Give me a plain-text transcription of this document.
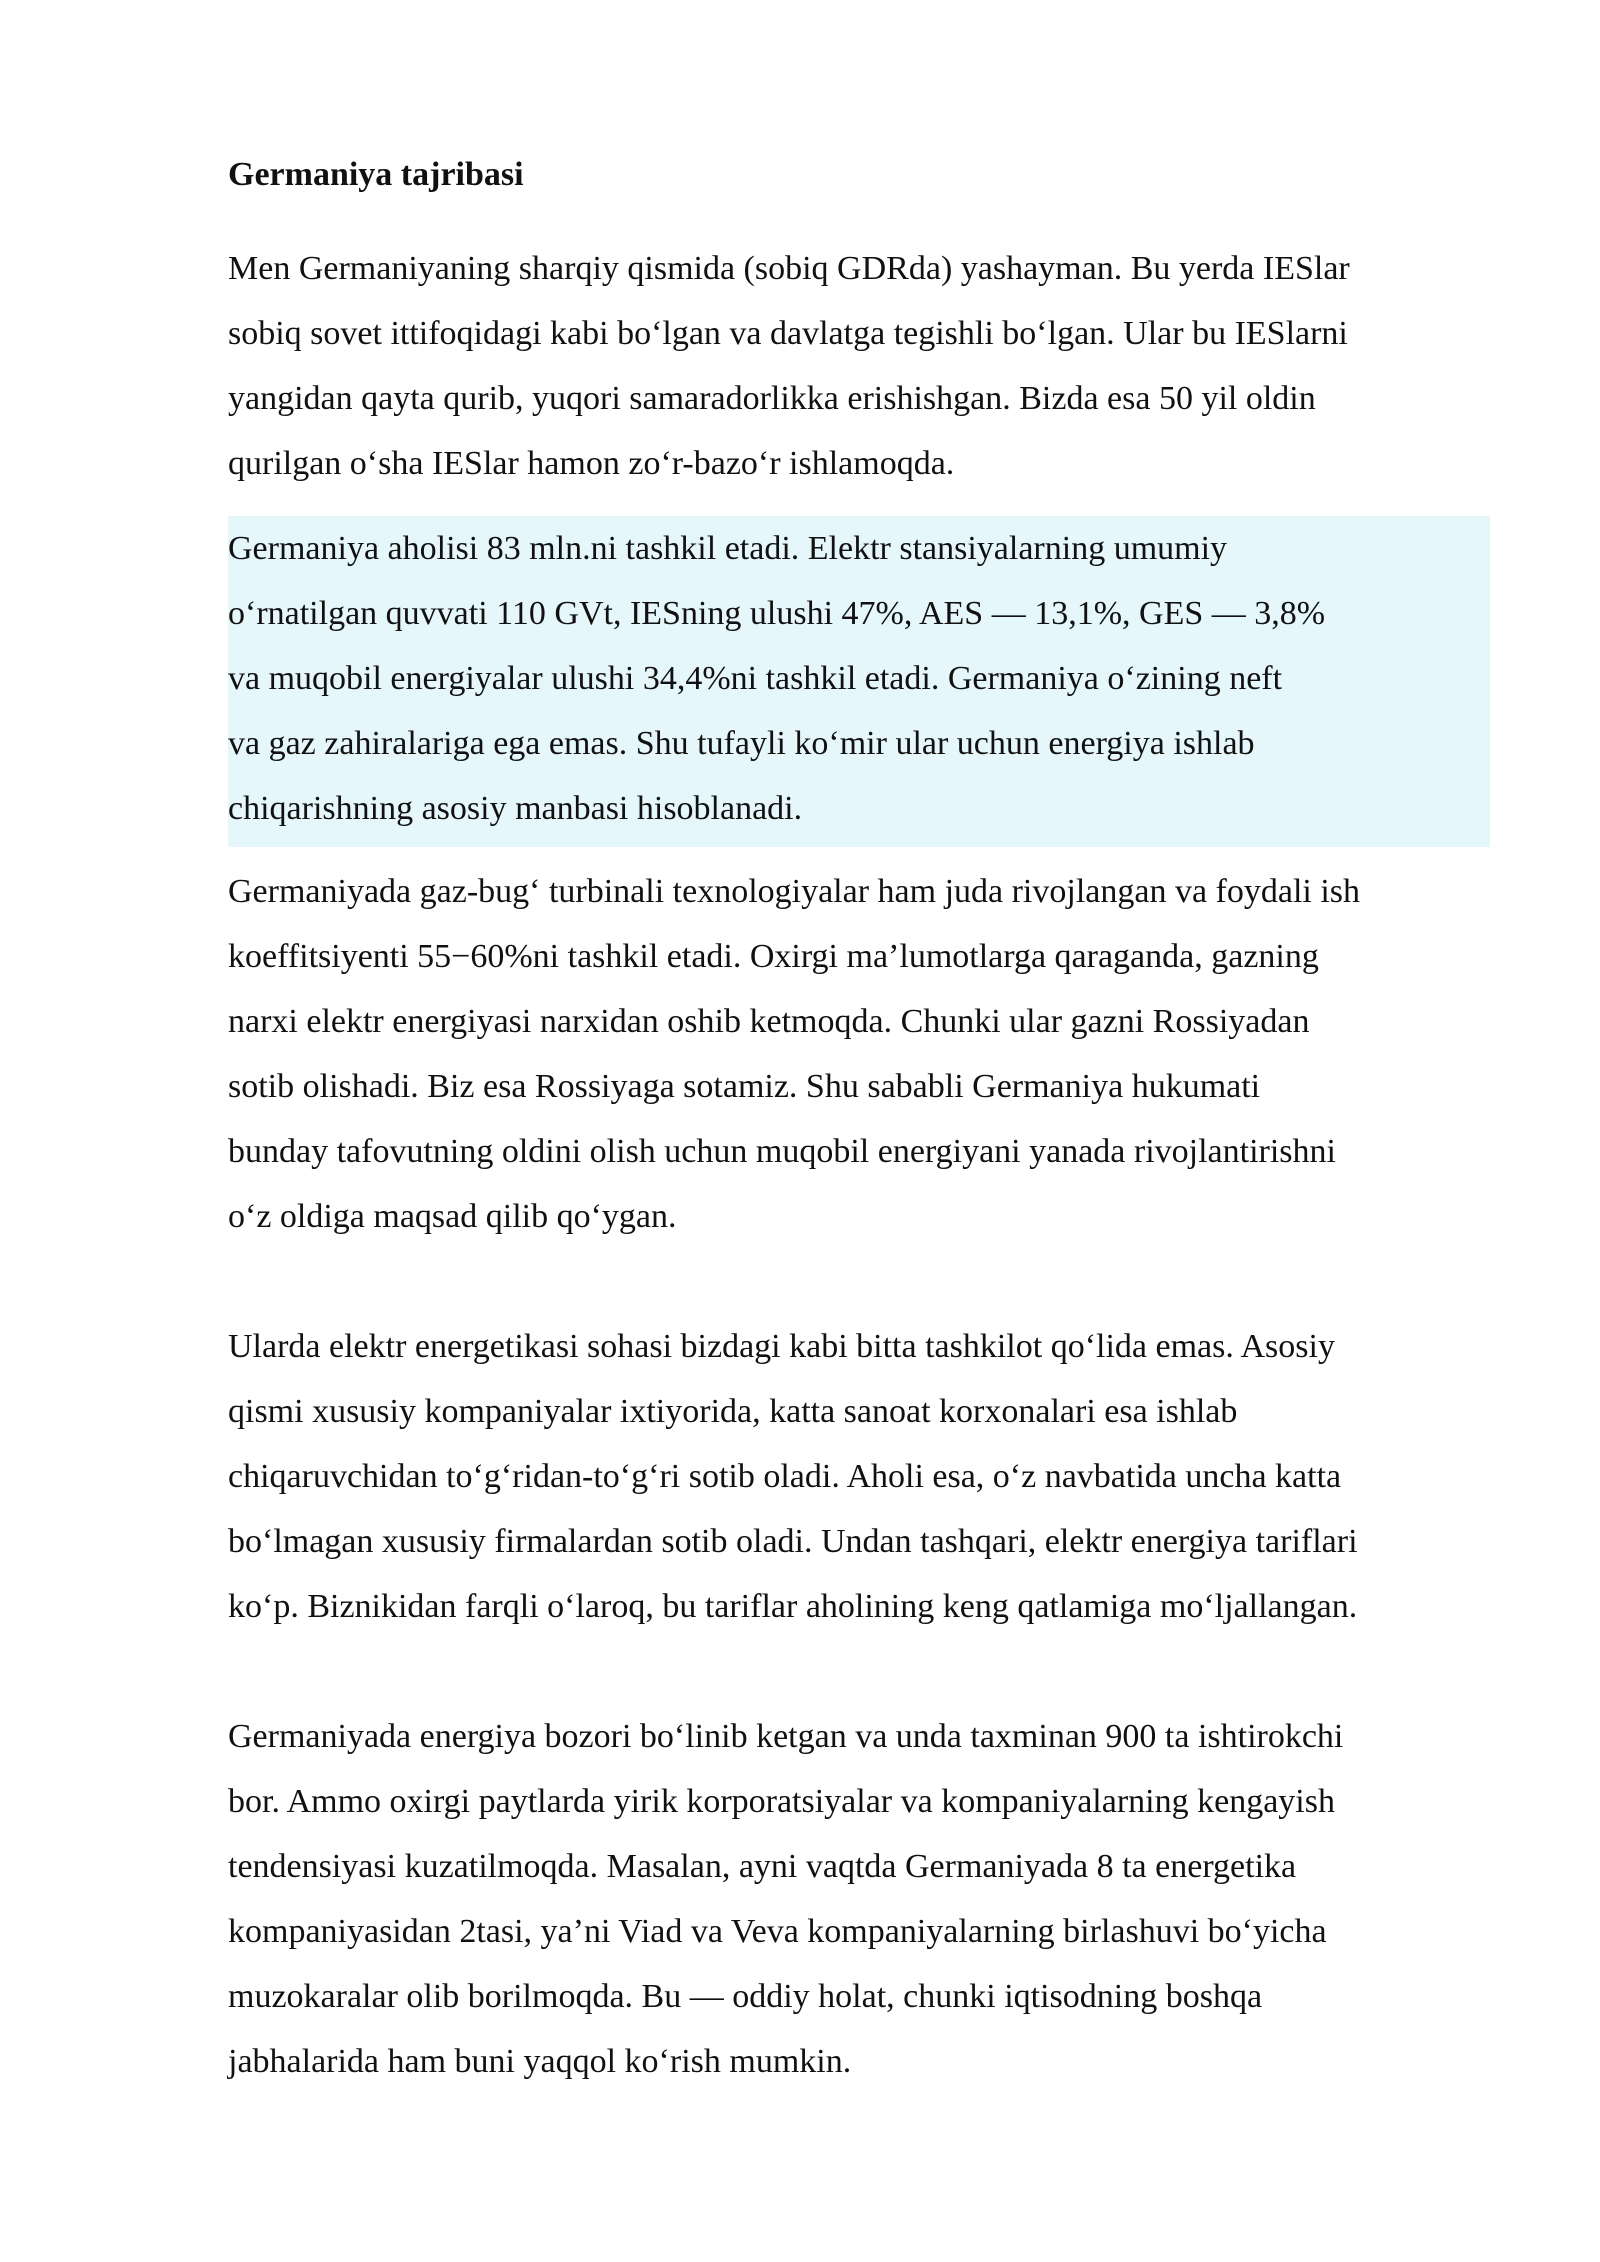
Germaniya tajribasi
Men Germaniyaning sharqiy qismida (sobiq GDRda) yashayman. Bu yerda IESlar
sobiq sovet ittifoqidagi kabi bo‘lgan va davlatga tegishli bo‘lgan. Ular bu IESlarni
yangidan qayta qurib, yuqori samaradorlikka erishishgan. Bizda esa 50 yil oldin
qurilgan o‘sha IESlar hamon zo‘r-bazo‘r ishlamoqda.
Germaniya aholisi 83 mln.ni tashkil etadi. Elektr stansiyalarning umumiy
o‘rnatilgan quvvati 110 GVt, IESning ulushi 47%, AES — 13,1%, GES — 3,8%
va muqobil energiyalar ulushi 34,4%ni tashkil etadi. Germaniya o‘zining neft
va gaz zahiralariga ega emas. Shu tufayli ko‘mir ular uchun energiya ishlab
chiqarishning asosiy manbasi hisoblanadi.
Germaniyada gaz-bug‘ turbinali texnologiyalar ham juda rivojlangan va foydali ish
koeffitsiyenti 55−60%ni tashkil etadi. Oxirgi ma’lumotlarga qaraganda, gazning
narxi elektr energiyasi narxidan oshib ketmoqda. Chunki ular gazni Rossiyadan
sotib olishadi. Biz esa Rossiyaga sotamiz. Shu sababli Germaniya hukumati
bunday tafovutning oldini olish uchun muqobil energiyani yanada rivojlantirishni
o‘z oldiga maqsad qilib qo‘ygan.
Ularda elektr energetikasi sohasi bizdagi kabi bitta tashkilot qo‘lida emas. Asosiy
qismi xususiy kompaniyalar ixtiyorida, katta sanoat korxonalari esa ishlab
chiqaruvchidan to‘g‘ridan-to‘g‘ri sotib oladi. Aholi esa, o‘z navbatida uncha katta
bo‘lmagan xususiy firmalardan sotib oladi. Undan tashqari, elektr energiya tariflari
ko‘p. Biznikidan farqli o‘laroq, bu tariflar aholining keng qatlamiga mo‘ljallangan.
Germaniyada energiya bozori bo‘linib ketgan va unda taxminan 900 ta ishtirokchi
bor. Ammo oxirgi paytlarda yirik korporatsiyalar va kompaniyalarning kengayish
tendensiyasi kuzatilmoqda. Masalan, ayni vaqtda Germaniyada 8 ta energetika
kompaniyasidan 2tasi, ya’ni Viad va Veva kompaniyalarning birlashuvi bo‘yicha
muzokaralar olib borilmoqda. Bu — oddiy holat, chunki iqtisodning boshqa
jabhalarida ham buni yaqqol ko‘rish mumkin.
